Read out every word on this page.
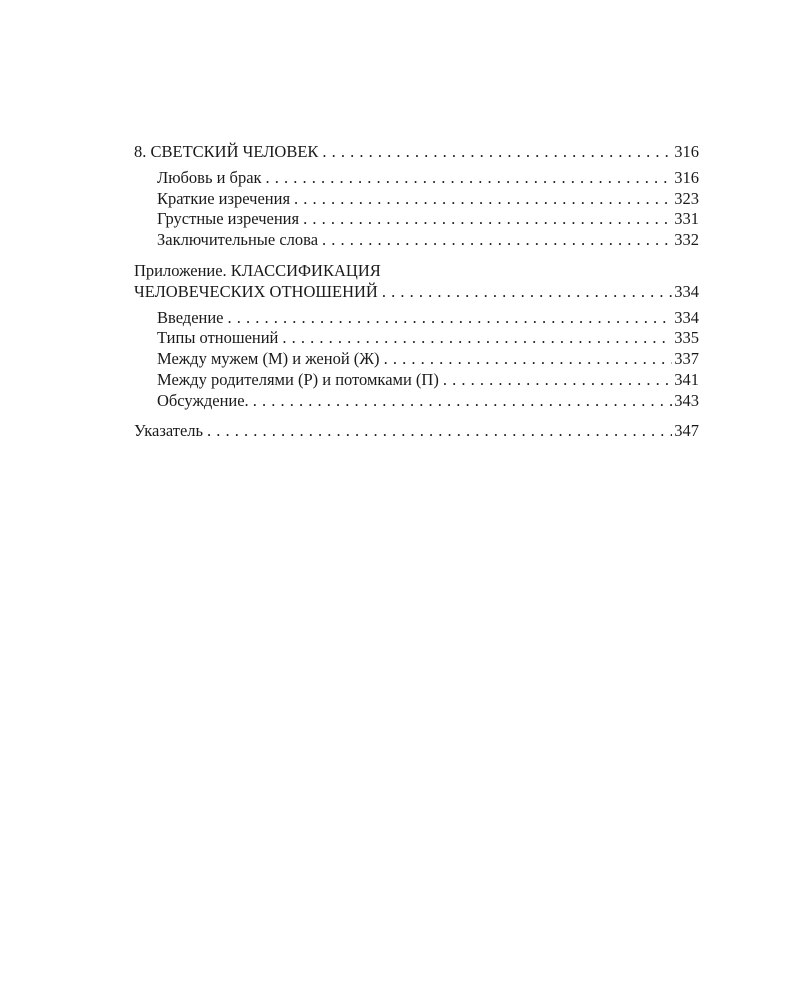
8. СВЕТСКИЙ ЧЕЛОВЕК . . .	316
Любовь и брак . . .	316
Краткие изречения . . .	323
Грустные изречения . . .	331
Заключительные слова . . .	332
Приложение. КЛАССИФИКАЦИЯ
ЧЕЛОВЕЧЕСКИХ ОТНОШЕНИЙ . . .	334
Введение . . .	334
Типы отношений . . .	335
Между мужем (М) и женой (Ж) . . .	337
Между родителями (Р) и потомками (П) . . .	341
Обсуждение. . . .	343
Указатель . . .	347
